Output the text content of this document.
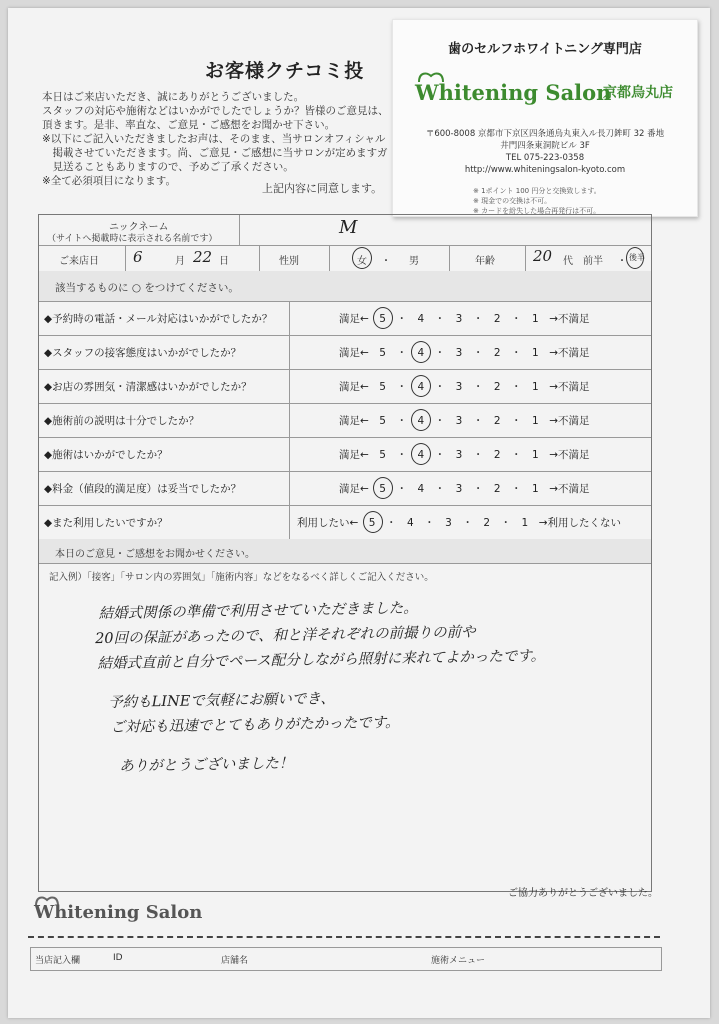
お客様クチコミ投
本日はご来店いただき、誠にありがとうございました。
スタッフの対応や施術などはいかがでしたでしょうか？皆様のご意見は、
頂きます。是非、率直な、ご意見・ご感想をお聞かせ下さい。
※以下にご記入いただきましたお声は、そのまま、当サロンオフィシャル
　掲載させていただきます。尚、ご意見・ご感想に当サロンが定めますガ
　見送ることもありますので、予めご了承ください。
※全て必須項目になります。
上記内容に同意します。
歯のセルフホワイトニング専門店
Whitening Salon
京都烏丸店
〒600-8008 京都市下京区四条通烏丸東入ル長刀鉾町 32 番地
井門四条東洞院ビル 3F
TEL 075-223-0358
http://www.whiteningsalon-kyoto.com
※ 1ポイント 100 円分と交換致します。
※ 現金での交換は不可。
※ カードを紛失した場合再発行は不可。
ニックネーム
（サイトへ掲載時に表示される名前です）
M
ご来店日 6	月 22 日	性別	女 ・ 男	年齢	20 代 前半 ・ 後半
該当するものに ○ をつけてください。
◆予約時の電話・メール対応はいかがでしたか？	満足←　5　・　4　・　3　・　2　・　1　→不満足
◆スタッフの接客態度はいかがでしたか？	満足←　5　・　4　・　3　・　2　・　1　→不満足
◆お店の雰囲気・清潔感はいかがでしたか？	満足←　5　・　4　・　3　・　2　・　1　→不満足
◆施術前の説明は十分でしたか？	満足←　5　・　4　・　3　・　2　・　1　→不満足
◆施術はいかがでしたか？	満足←　5　・　4　・　3　・　2　・　1　→不満足
◆料金（値段的満足度）は妥当でしたか？	満足←　5　・　4　・　3　・　2　・　1　→不満足
◆また利用したいですか？	利用したい←　5　・　4　・　3　・　2　・　1　→利用したくない
本日のご意見・ご感想をお聞かせください。
記入例）「接客」「サロン内の雰囲気」「施術内容」などをなるべく詳しくご記入ください。
結婚式関係の準備で利用させていただきました。
20回の保証があったので、和と洋それぞれの前撮りの前や
結婚式直前と自分でペース配分しながら照射に来れてよかったです。
予約もLINEで気軽にお願いでき、
ご対応も迅速でとてもありがたかったです。
ありがとうございました！
ご協力ありがとうございました。
Whitening Salon
当店記入欄	ID	店舗名	施術メニュー
